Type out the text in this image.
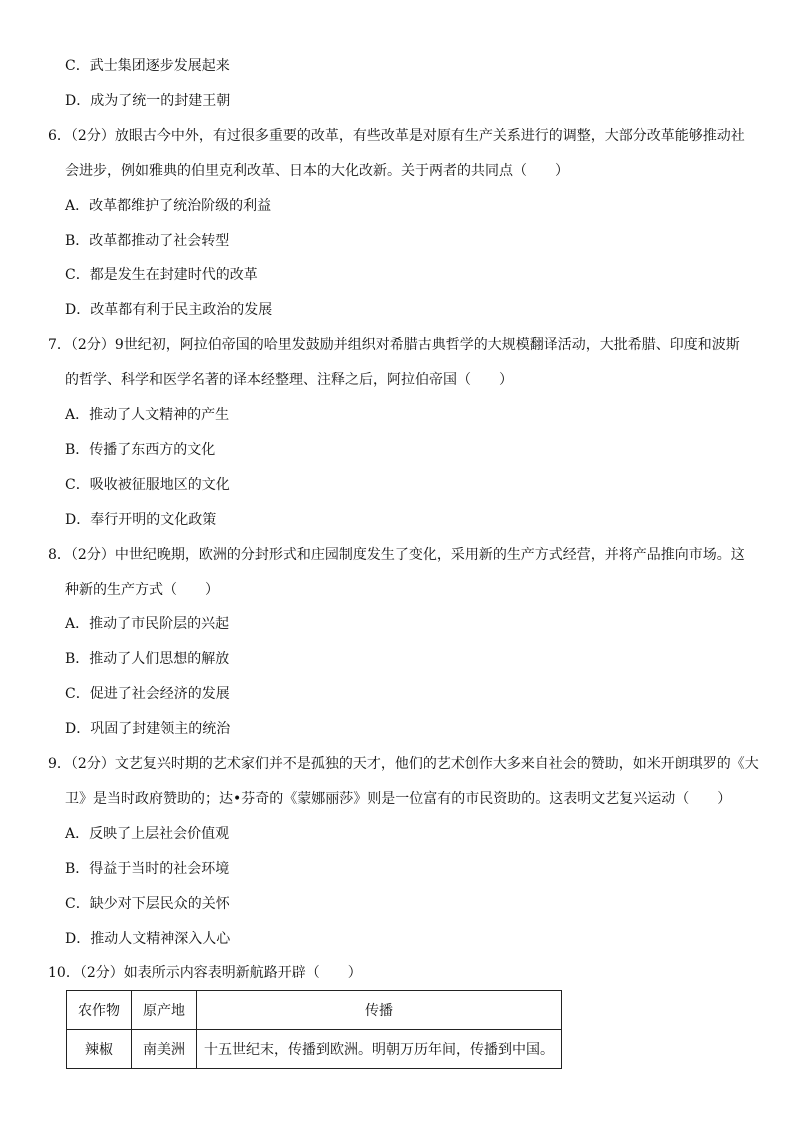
C．武士集团逐步发展起来
D．成为了统一的封建王朝
6．（2分）放眼古今中外，有过很多重要的改革，有些改革是对原有生产关系进行的调整，大部分改革能够推动社
会进步，例如雅典的伯里克利改革、日本的大化改新。关于两者的共同点（　　）
A．改革都维护了统治阶级的利益
B．改革都推动了社会转型
C．都是发生在封建时代的改革
D．改革都有利于民主政治的发展
7．（2分）9世纪初，阿拉伯帝国的哈里发鼓励并组织对希腊古典哲学的大规模翻译活动，大批希腊、印度和波斯
的哲学、科学和医学名著的译本经整理、注释之后，阿拉伯帝国（　　）
A．推动了人文精神的产生
B．传播了东西方的文化
C．吸收被征服地区的文化
D．奉行开明的文化政策
8．（2分）中世纪晚期，欧洲的分封形式和庄园制度发生了变化，采用新的生产方式经营，并将产品推向市场。这
种新的生产方式（　　）
A．推动了市民阶层的兴起
B．推动了人们思想的解放
C．促进了社会经济的发展
D．巩固了封建领主的统治
9．（2分）文艺复兴时期的艺术家们并不是孤独的天才，他们的艺术创作大多来自社会的赞助，如米开朗琪罗的《大
卫》是当时政府赞助的；达•芬奇的《蒙娜丽莎》则是一位富有的市民资助的。这表明文艺复兴运动（　　）
A．反映了上层社会价值观
B．得益于当时的社会环境
C．缺少对下层民众的关怀
D．推动人文精神深入人心
10．（2分）如表所示内容表明新航路开辟（　　）
农作物	原产地	传播
辣椒	南美洲	十五世纪末，传播到欧洲。明朝万历年间，传播到中国。
